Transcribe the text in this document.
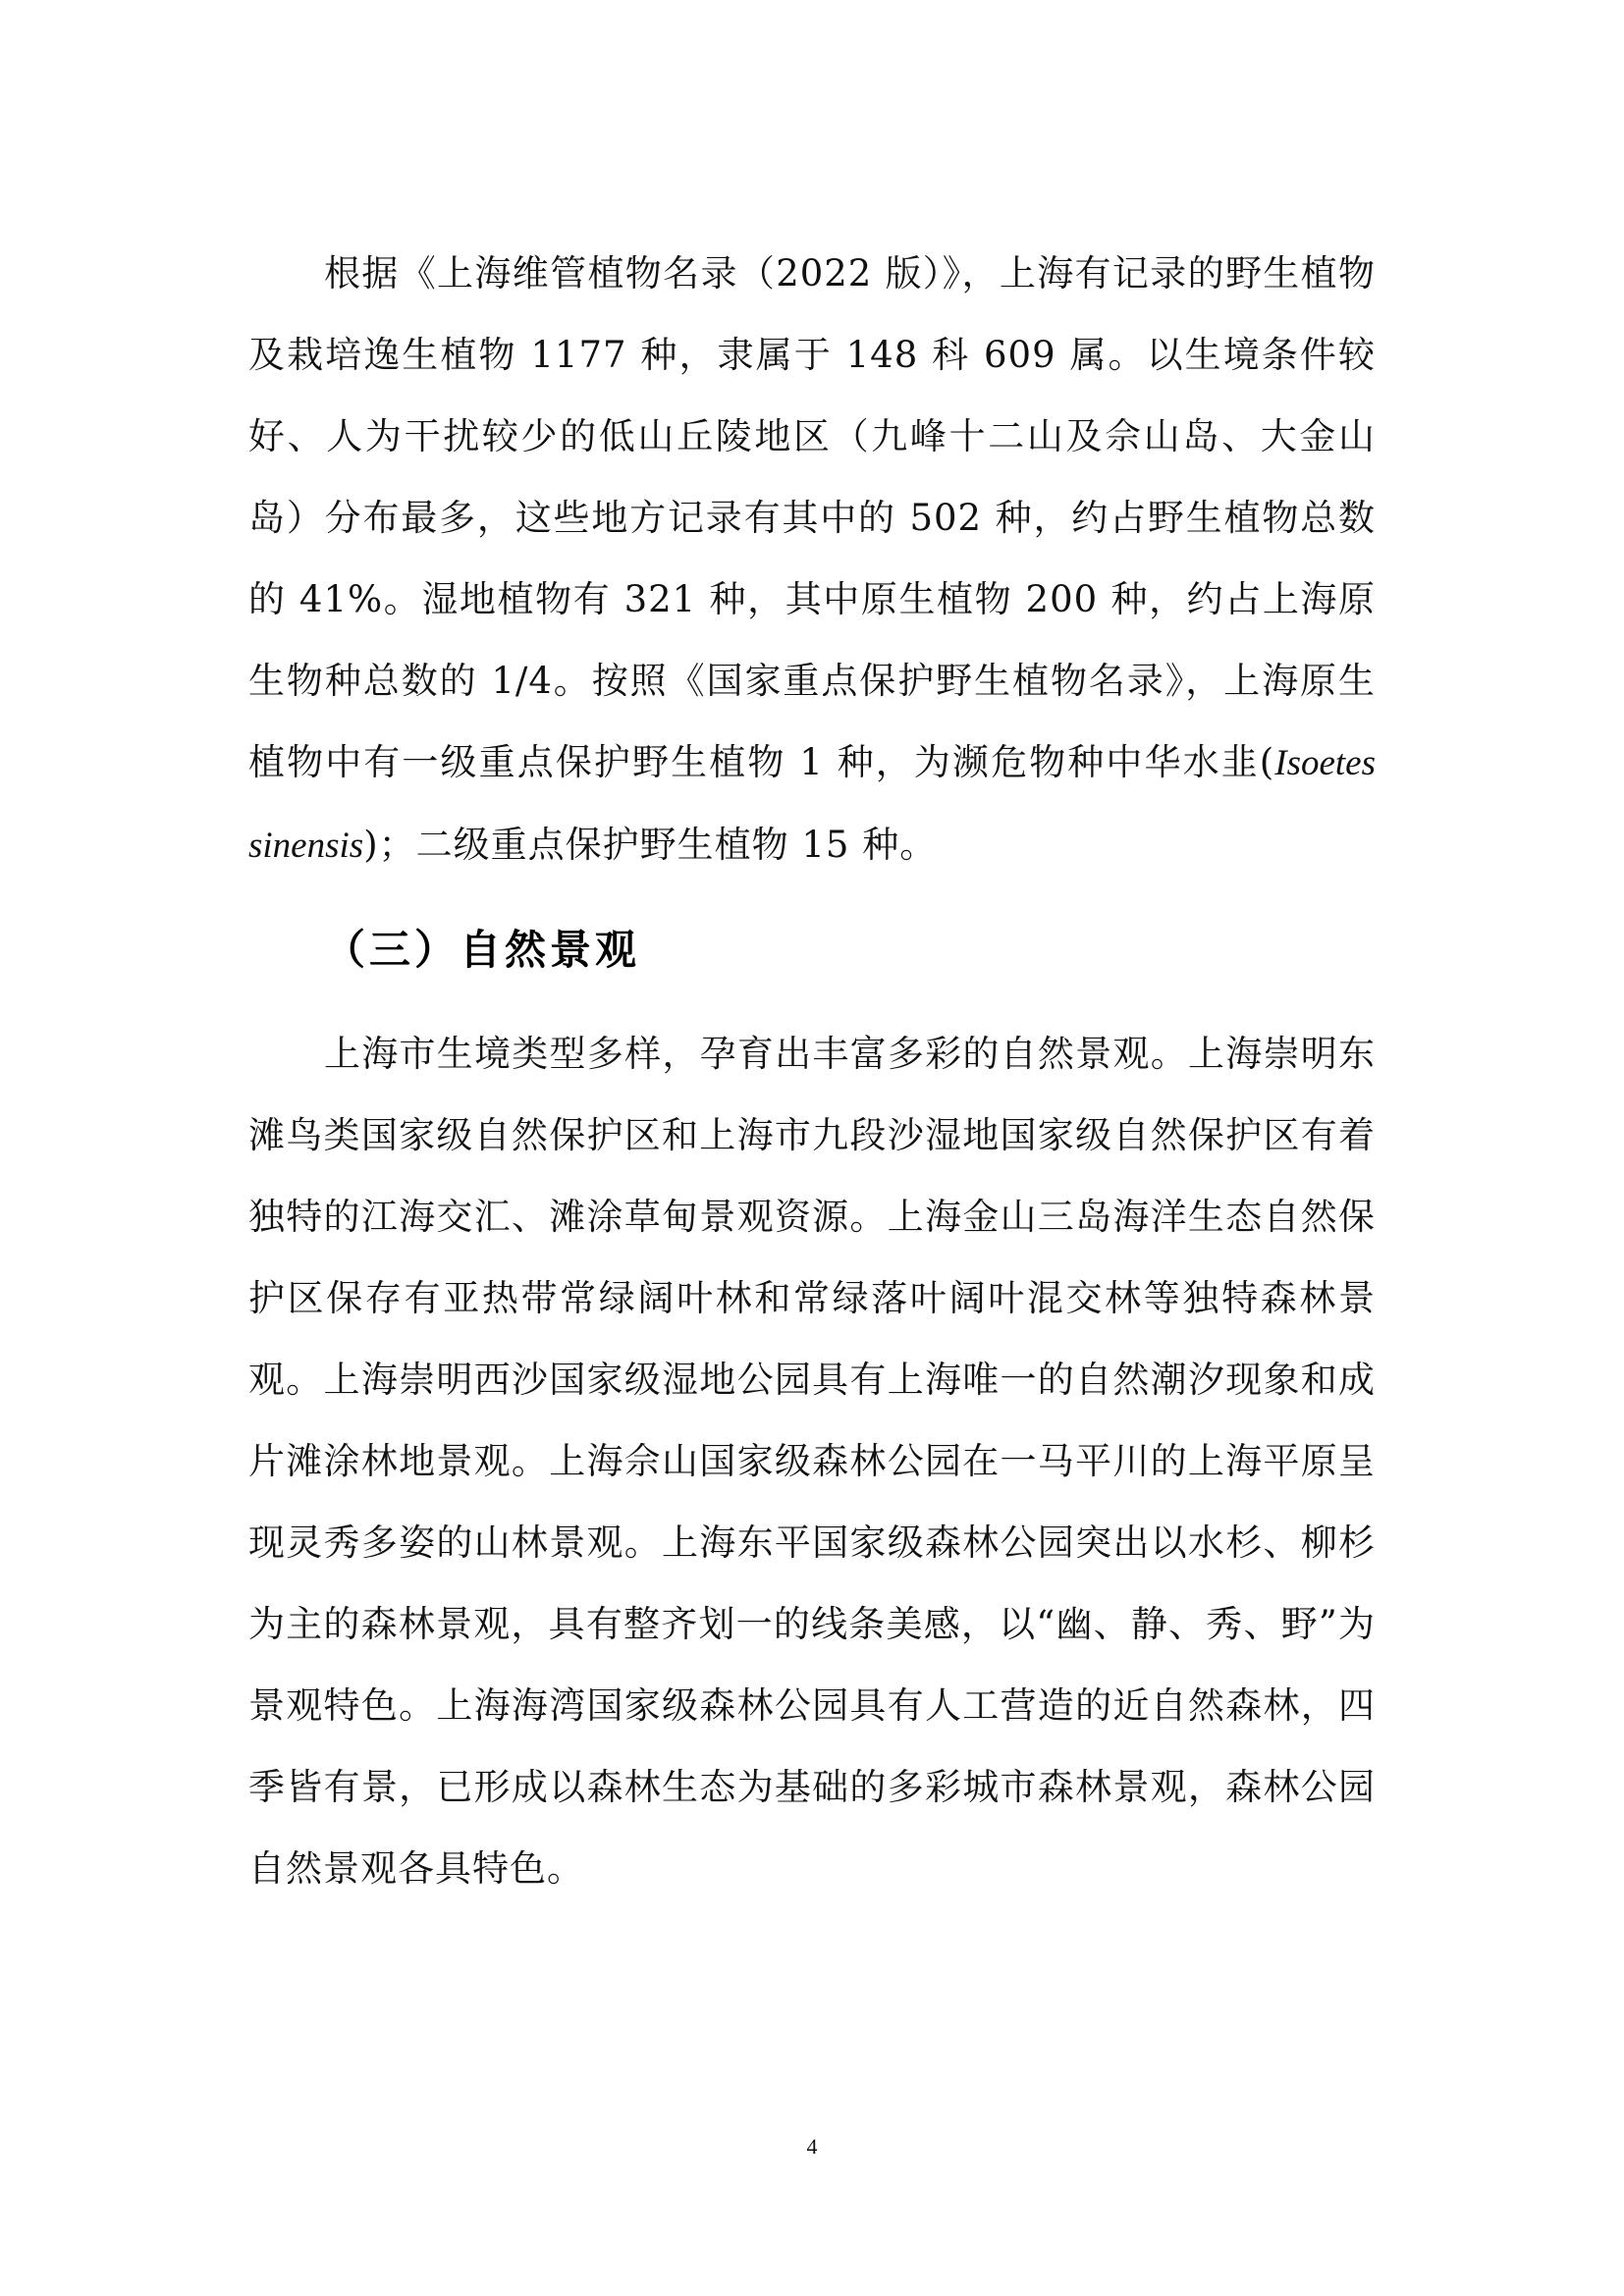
根据《上海维管植物名录（2022 版）》，上海有记录的野生植物及栽培逸生植物 1177 种，隶属于 148 科 609 属。以生境条件较好、人为干扰较少的低山丘陵地区（九峰十二山及佘山岛、大金山岛）分布最多，这些地方记录有其中的 502 种，约占野生植物总数的 41%。湿地植物有 321 种，其中原生植物 200 种，约占上海原生物种总数的 1/4。按照《国家重点保护野生植物名录》，上海原生植物中有一级重点保护野生植物 1 种，为濒危物种中华水韭(Isoetes sinensis)；二级重点保护野生植物 15 种。

（三）自然景观

上海市生境类型多样，孕育出丰富多彩的自然景观。上海崇明东滩鸟类国家级自然保护区和上海市九段沙湿地国家级自然保护区有着独特的江海交汇、滩涂草甸景观资源。上海金山三岛海洋生态自然保护区保存有亚热带常绿阔叶林和常绿落叶阔叶混交林等独特森林景观。上海崇明西沙国家级湿地公园具有上海唯一的自然潮汐现象和成片滩涂林地景观。上海佘山国家级森林公园在一马平川的上海平原呈现灵秀多姿的山林景观。上海东平国家级森林公园突出以水杉、柳杉为主的森林景观，具有整齐划一的线条美感，以“幽、静、秀、野”为景观特色。上海海湾国家级森林公园具有人工营造的近自然森林，四季皆有景，已形成以森林生态为基础的多彩城市森林景观，森林公园自然景观各具特色。

4
